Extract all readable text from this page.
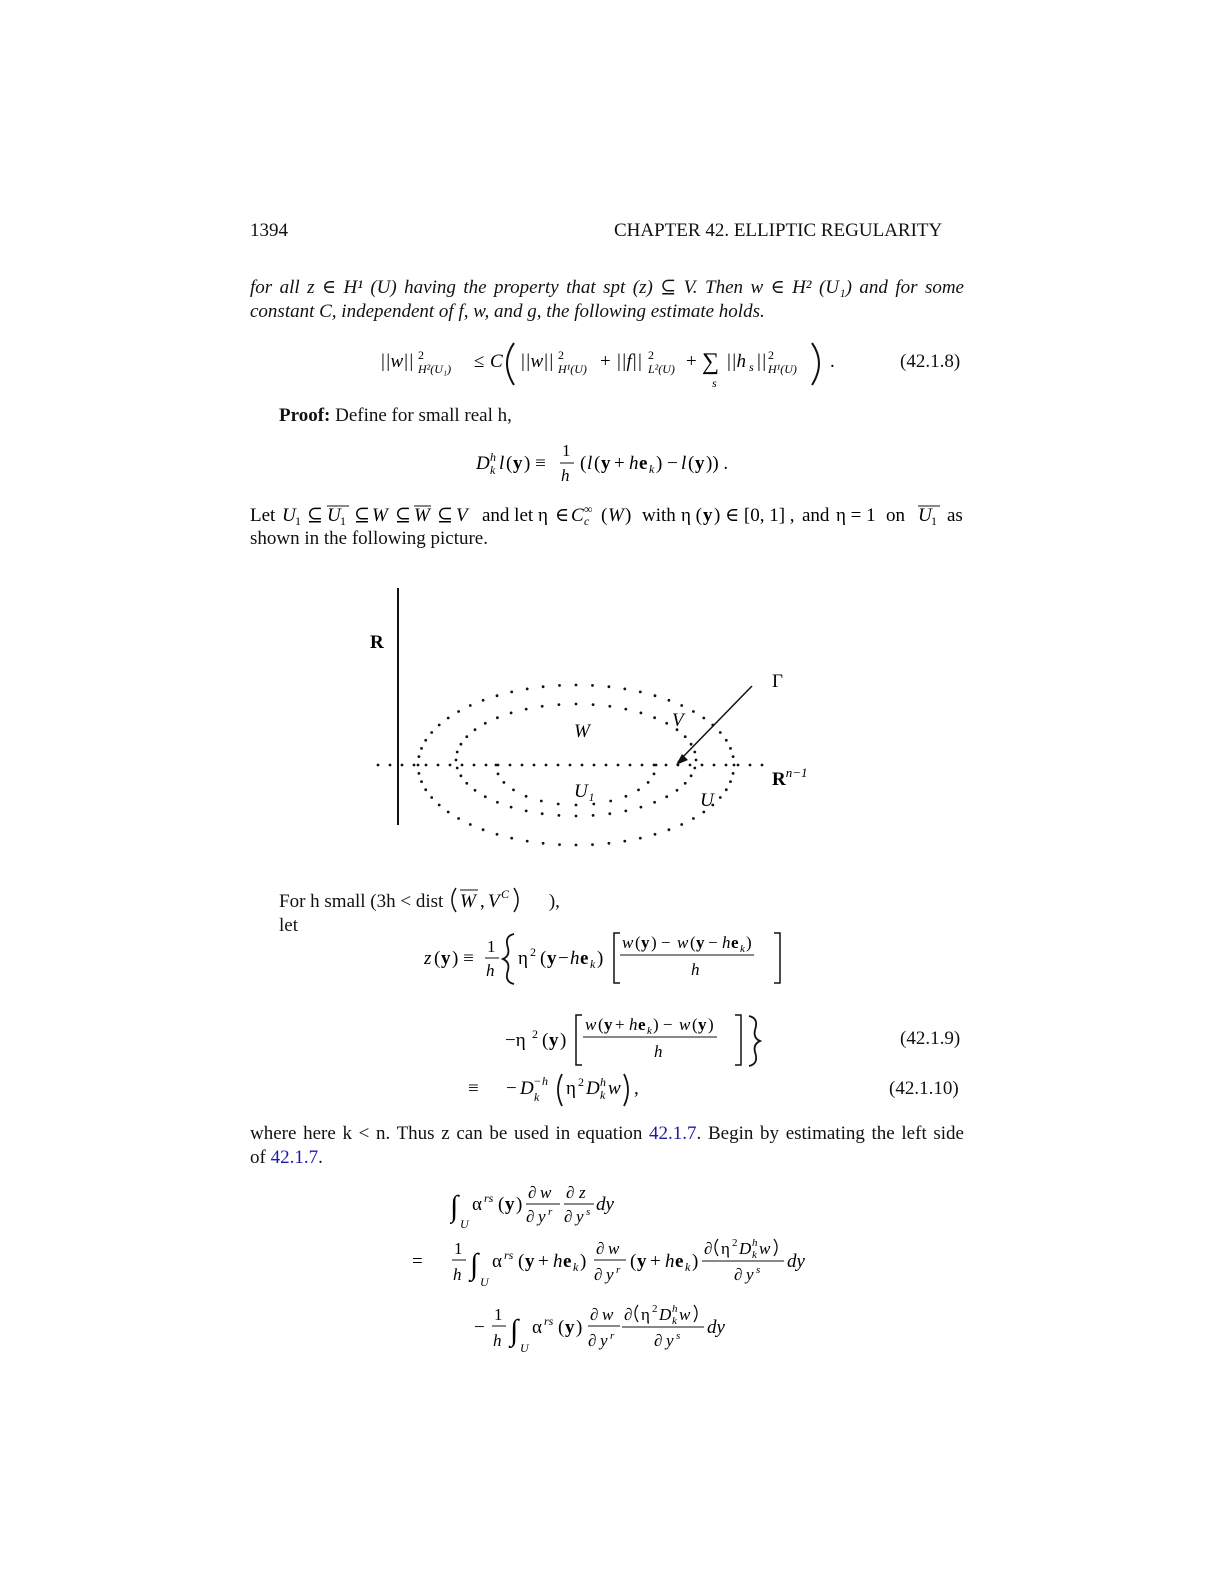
1394	CHAPTER 42. ELLIPTIC REGULARITY
for all z ∈ H¹ (U) having the property that spt (z) ⊆ V. Then w ∈ H² (U₁) and for some
constant C, independent of f, w, and g, the following estimate holds.
||w|| 2
H²(U₁) ≤ C ||w|| 2
H¹(U) + ||f|| 2
L²(U) + ∑
s
||h s || 2
H¹(U) .	(42.1.8)
Proof: Define for small real h,
D h
k l ( y ) ≡
1
h
( l ( y + h e k ) − l ( y )) .
Let U 1 ⊆ U 1 ⊆ W ⊆ W ⊆ V and let η ∈ C ∞
c ( W ) with η ( y ) ∈ [0, 1] , and η = 1 on U 1 as
shown in the following picture.
R
Γ
W
V
U₁	U
$R^{n-1}$
For h small (3h < dist W , V C ), let
z ( y ) ≡
1
h
η 2 ( y − h e k )
w ( y ) − w ( y − h e k )
h
−η 2 ( y )
w ( y + h e k ) − w ( y )
h
(42.1.9)
≡ − D − h
k η 2 D h
k w ,	(42.1.10)
where here k < n. Thus z can be used in equation 42.1.7. Begin by estimating the left side
of 42.1.7.
∫
U
α rs ( y )
∂ w
∂ y r
∂ z
∂ y s dy
=
1
h ∫
U
α rs ( y + h e k )
∂ w
∂ y r ( y + h e k )
∂ η 2 D h
k w
∂ y s dy
−
1
h ∫
U
α rs ( y )
∂ w
∂ y r
∂ η 2 D h
k w
∂ y s dy
